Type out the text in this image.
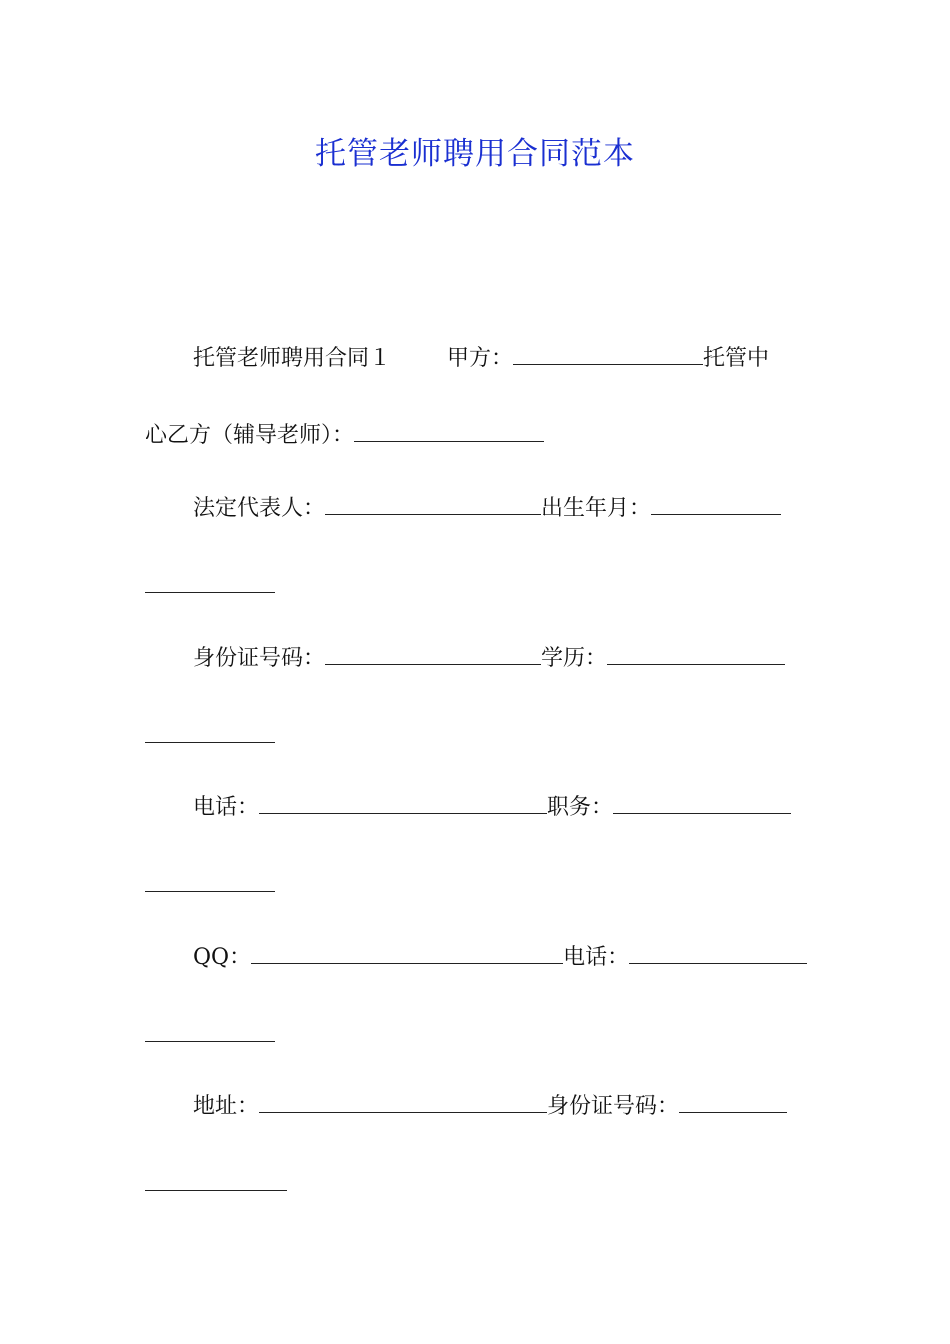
托管老师聘用合同范本
托管老师聘用合同１	甲方：	托管中
心乙方（辅导老师）：
法定代表人：	出生年月：
身份证号码：	学历：
电话：	职务：
QQ：	电话：
地址：	身份证号码：
